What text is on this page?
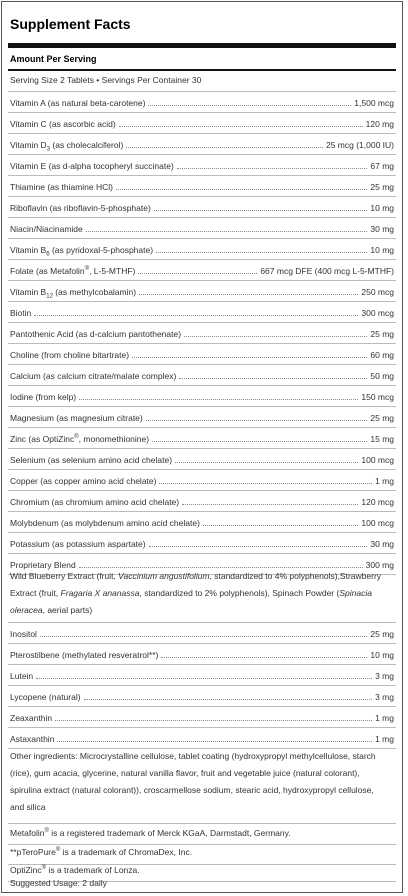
Supplement Facts
Amount Per Serving
Serving Size 2 Tablets • Servings Per Container 30
Vitamin A (as natural beta-carotene)	1,500 mcg
Vitamin C (as ascorbic acid)	120 mg
Vitamin $D_3$ (as cholecalciferol)	25 mcg (1,000 IU)
Vitamin E (as d-alpha tocopheryl succinate)	67 mg
Thiamine (as thiamine HCl)	25 mg
Riboflavin (as riboflavin-5-phosphate)	10 mg
Niacin/Niacinamide	30 mg
Vitamin $B_6$ (as pyridoxal-5-phosphate)	10 mg
Folate (as Metafolin®, L-5-MTHF)	667 mcg DFE (400 mcg L-5-MTHF)
Vitamin $B_{12}$ (as methylcobalamin)	250 mcg
Biotin	300 mcg
Pantothenic Acid (as d-calcium pantothenate)	25 mg
Choline (from choline bitartrate)	60 mg
Calcium (as calcium citrate/malate complex)	50 mg
Iodine (from kelp)	150 mcg
Magnesium (as magnesium citrate)	25 mg
Zinc (as OptiZinc®, monomethionine)	15 mg
Selenium (as selenium amino acid chelate)	100 mcg
Copper (as copper amino acid chelate)	1 mg
Chromium (as chromium amino acid chelate)	120 mcg
Molybdenum (as molybdenum amino acid chelate)	100 mcg
Potassium (as potassium aspartate)	30 mg
Proprietary Blend	300 mg
Wild Blueberry Extract (fruit, Vaccinium angustifolium, standardized to 4% polyphenols),Strawberry Extract (fruit, Fragaria X ananassa, standardized to 2% polyphenols), Spinach Powder (Spinacia oleracea, aerial parts)
Inositol	25 mg
Pterostilbene (methylated resveratrol**)	10 mg
Lutein	3 mg
Lycopene (natural)	3 mg
Zeaxanthin	1 mg
Astaxanthin	1 mg
Other ingredients: Microcrystalline cellulose, tablet coating (hydroxypropyl methylcellulose, starch (rice), gum acacia, glycerine, natural vanilla flavor, fruit and vegetable juice (natural colorant), spirulina extract (natural colorant)), croscarmellose sodium, stearic acid, hydroxypropyl cellulose, and silica
Metafolin® is a registered trademark of Merck KGaA, Darmstadt, Germany.
**pTeroPure® is a trademark of ChromaDex, Inc.
OptiZinc® is a trademark of Lonza.
Suggested Usage: 2 daily
